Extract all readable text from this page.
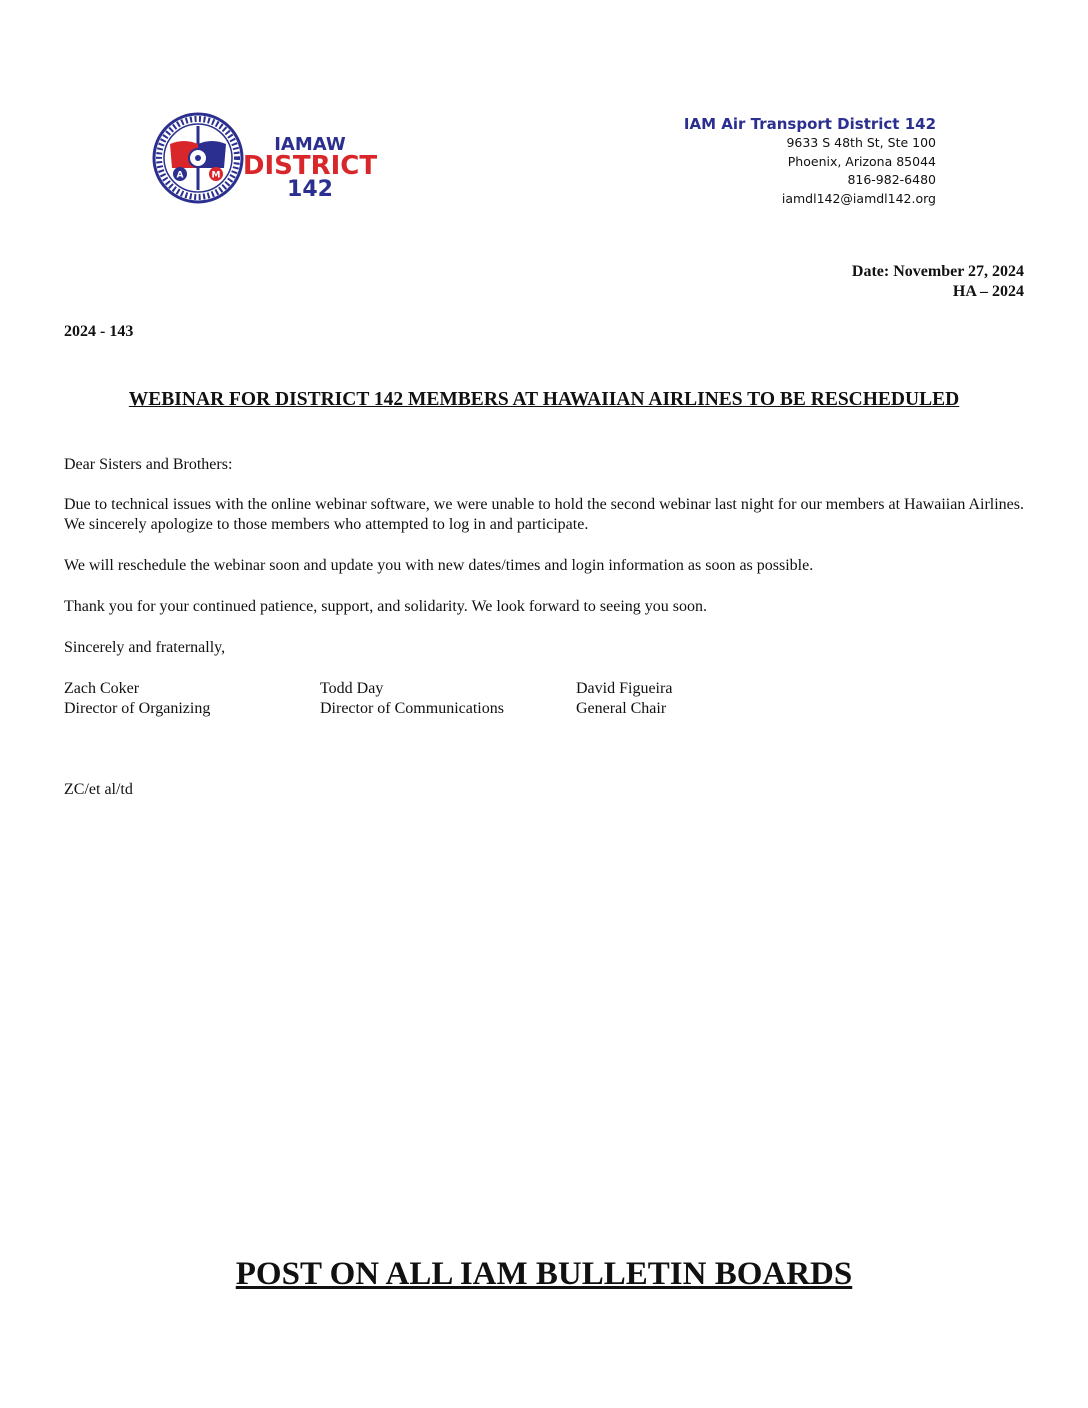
A	M
IAMAW
DISTRICT
142
IAM Air Transport District 142
9633 S 48th St, Ste 100
Phoenix, Arizona 85044
816-982-6480
iamdl142@iamdl142.org
Date: November 27, 2024
HA – 2024
2024 - 143
WEBINAR FOR DISTRICT 142 MEMBERS AT HAWAIIAN AIRLINES TO BE RESCHEDULED
Dear Sisters and Brothers:
Due to technical issues with the online webinar software, we were unable to hold the second webinar last night for our members at Hawaiian Airlines. We sincerely apologize to those members who attempted to log in and participate.
We will reschedule the webinar soon and update you with new dates/times and login information as soon as possible.
Thank you for your continued patience, support, and solidarity. We look forward to seeing you soon.
Sincerely and fraternally,
Zach Coker
Director of Organizing
Todd Day
Director of Communications
David Figueira
General Chair
ZC/et al/td
POST ON ALL IAM BULLETIN BOARDS
